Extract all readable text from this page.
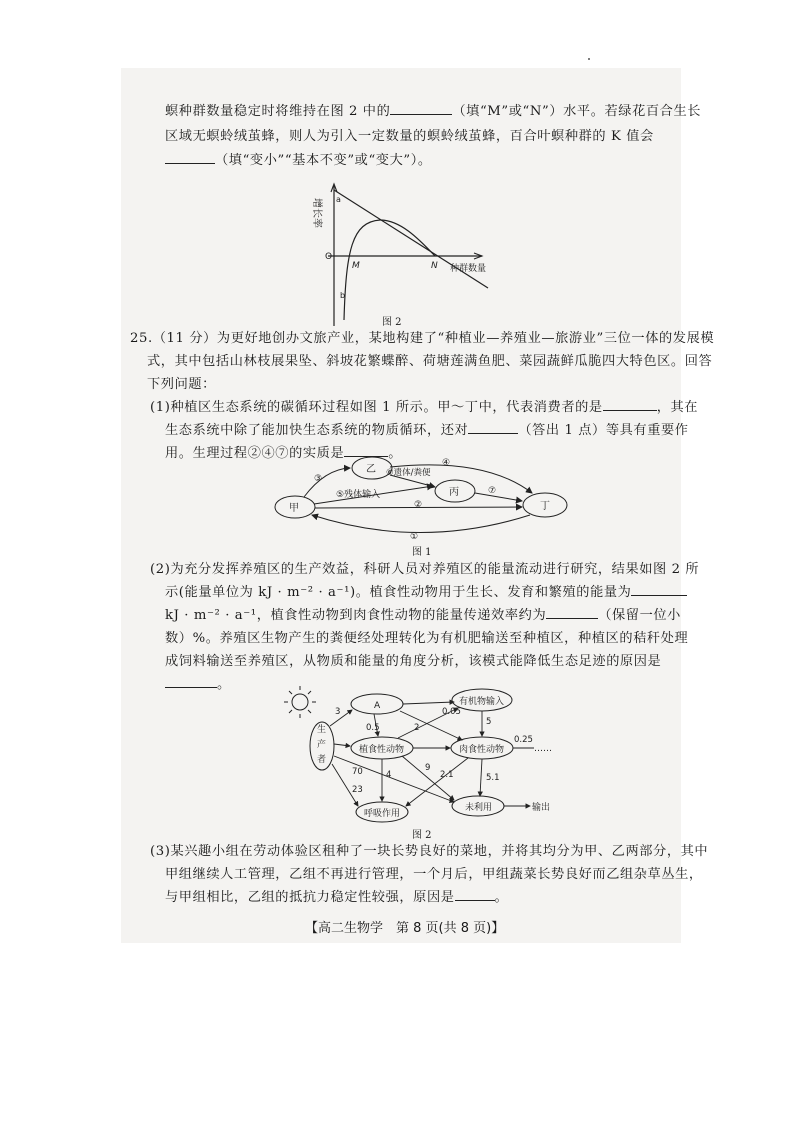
螟种群数量稳定时将维持在图 2 中的	（填“M”或“N”）水平。若绿花百合生长
区域无螟蛉绒茧蜂，则人为引入一定数量的螟蛉绒茧蜂，百合叶螟种群的 K 值会
（填“变小”“基本不变”或“变大”）。
增长率 a
b
O
M	N 种群数量
图 2
25.（11 分）为更好地创办文旅产业，某地构建了“种植业—养殖业—旅游业”三位一体的发展模
式，其中包括山林枝展果坠、斜坡花繁蝶醉、荷塘莲满鱼肥、菜园蔬鲜瓜脆四大特色区。回答
下列问题：
(1)种植区生态系统的碳循环过程如图 1 所示。甲～丁中，代表消费者的是	，其在
生态系统中除了能加快生态系统的物质循环，还对	（答出 1 点）等具有重要作
用。生理过程②④⑦的实质是	。
甲
乙
丙
丁
③
④
⑥遗体/粪便
⑤残体输入
②
⑦
①
图 1
(2)为充分发挥养殖区的生产效益，科研人员对养殖区的能量流动进行研究，结果如图 2 所
示(能量单位为 kJ · m⁻² · a⁻¹)。植食性动物用于生长、发育和繁殖的能量为
kJ · m⁻² · a⁻¹，植食性动物到肉食性动物的能量传递效率约为	（保留一位小
数）%。养殖区生物产生的粪便经处理转化为有机肥输送至种植区，种植区的秸秆处理
成饲料输送至养殖区，从物质和能量的角度分析，该模式能降低生态足迹的原因是
。
生
产
者
A
植食性动物
有机物输入
肉食性动物
呼吸作用
未利用	输出
……
3
0.5	2
0.05
5
0.25
70	4
9
2.1	5.1
23
图 2
(3)某兴趣小组在劳动体验区租种了一块长势良好的菜地，并将其均分为甲、乙两部分，其中
甲组继续人工管理，乙组不再进行管理，一个月后，甲组蔬菜长势良好而乙组杂草丛生，
与甲组相比，乙组的抵抗力稳定性较强，原因是	。
【高二生物学　第 8 页(共 8 页)】
